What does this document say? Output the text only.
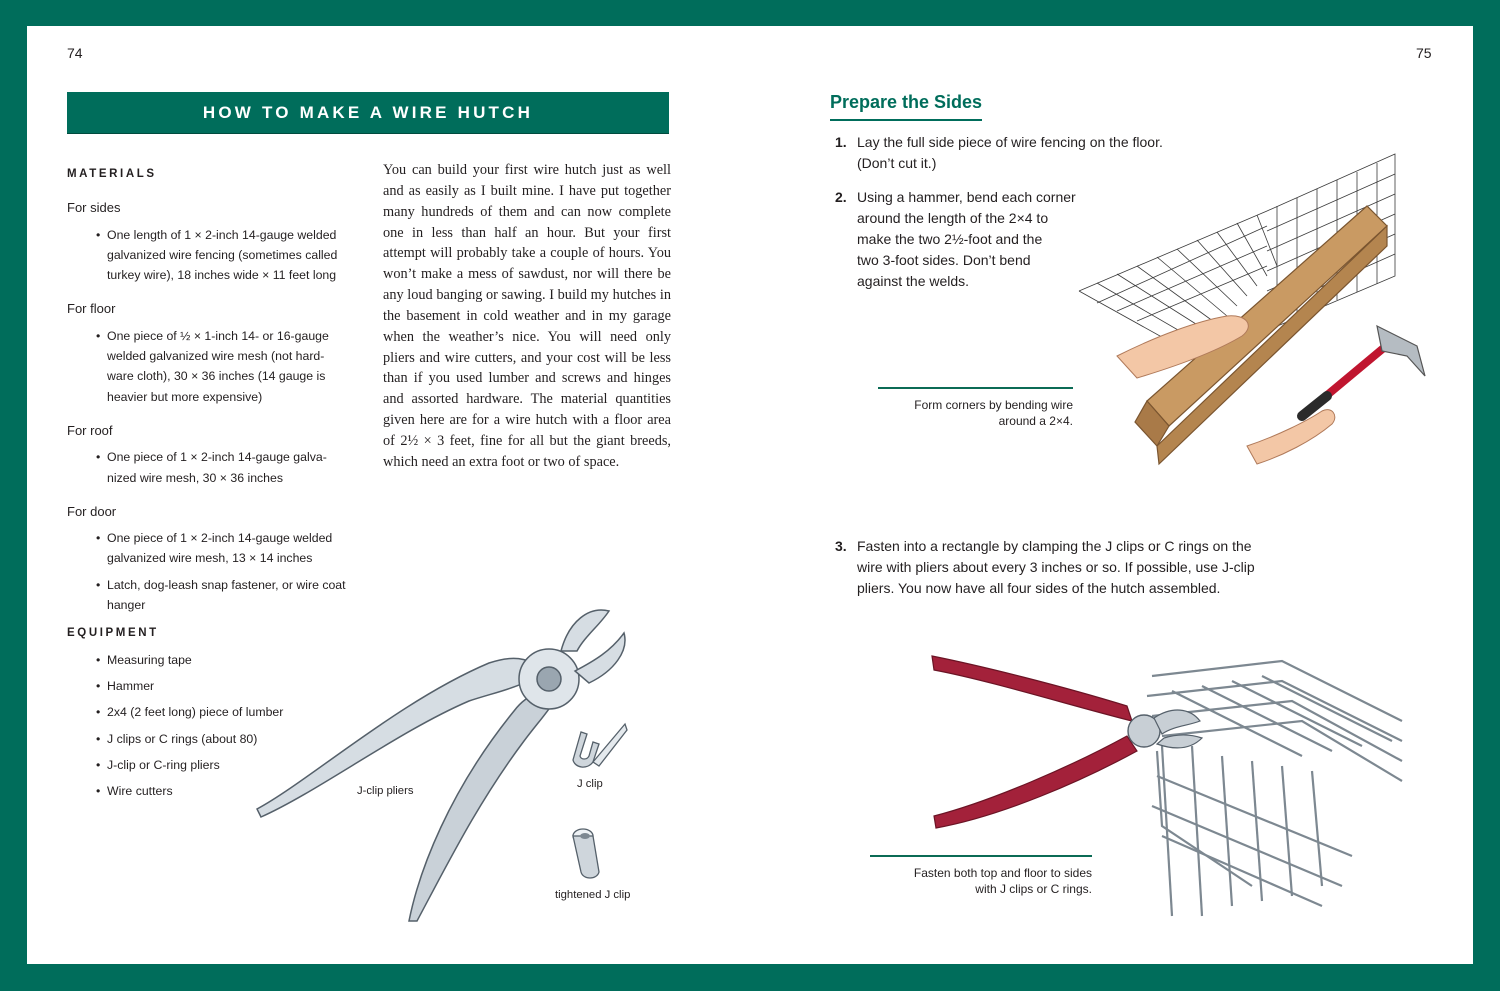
74
HOW TO MAKE A WIRE HUTCH
MATERIALS
For sides
• One length of 1 × 2-inch 14-gauge welded galvanized wire fencing (sometimes called turkey wire), 18 inches wide × 11 feet long
For floor
• One piece of ½ × 1-inch 14- or 16-gauge welded galvanized wire mesh (not hard-ware cloth), 30 × 36 inches (14 gauge is heavier but more expensive)
For roof
• One piece of 1 × 2-inch 14-gauge galva-nized wire mesh, 30 × 36 inches
For door
• One piece of 1 × 2-inch 14-gauge welded galvanized wire mesh, 13 × 14 inches
• Latch, dog-leash snap fastener, or wire coat hanger
EQUIPMENT
• Measuring tape
• Hammer
• 2x4 (2 feet long) piece of lumber
• J clips or C rings (about 80)
• J-clip or C-ring pliers
• Wire cutters
You can build your first wire hutch just as well and as easily as I built mine. I have put together many hundreds of them and can now complete one in less than half an hour. But your first attempt will probably take a couple of hours. You won’t make a mess of sawdust, nor will there be any loud banging or sawing. I build my hutches in the basement in cold weather and in my garage when the weather’s nice. You will need only pliers and wire cutters, and your cost will be less than if you used lumber and screws and hinges and assorted hardware. The material quantities given here are for a wire hutch with a floor area of 2½ × 3 feet, fine for all but the giant breeds, which need an extra foot or two of space.
J-clip pliers
J clip
tightened J clip
75
Prepare the Sides
1. Lay the full side piece of wire fencing on the floor.
(Don’t cut it.)
2. Using a hammer, bend each corner
around the length of the 2×4 to
make the two 2½-foot and the
two 3-foot sides. Don’t bend
against the welds.
Form corners by bending wire
around a 2×4.
3. Fasten into a rectangle by clamping the J clips or C rings on the
wire with pliers about every 3 inches or so. If possible, use J-clip
pliers. You now have all four sides of the hutch assembled.
Fasten both top and floor to sides
with J clips or C rings.
